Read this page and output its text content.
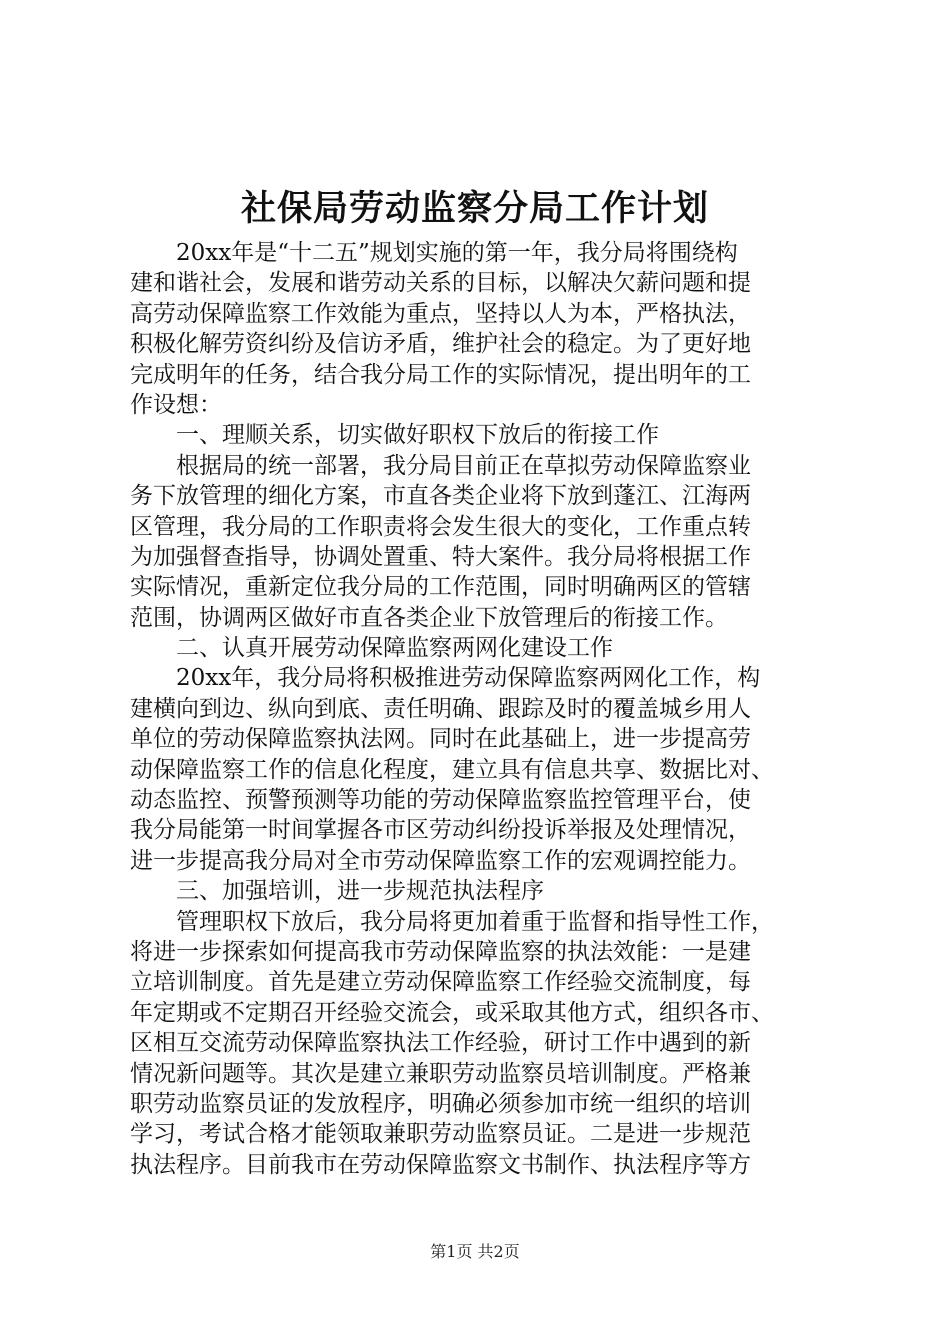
社保局劳动监察分局工作计划
20xx年是“十二五”规划实施的第一年，我分局将围绕构
建和谐社会，发展和谐劳动关系的目标，以解决欠薪问题和提
高劳动保障监察工作效能为重点，坚持以人为本，严格执法，
积极化解劳资纠纷及信访矛盾，维护社会的稳定。为了更好地
完成明年的任务，结合我分局工作的实际情况，提出明年的工
作设想：
一、理顺关系，切实做好职权下放后的衔接工作
根据局的统一部署，我分局目前正在草拟劳动保障监察业
务下放管理的细化方案，市直各类企业将下放到蓬江、江海两
区管理，我分局的工作职责将会发生很大的变化，工作重点转
为加强督查指导，协调处置重、特大案件。我分局将根据工作
实际情况，重新定位我分局的工作范围，同时明确两区的管辖
范围，协调两区做好市直各类企业下放管理后的衔接工作。
二、认真开展劳动保障监察两网化建设工作
20xx年，我分局将积极推进劳动保障监察两网化工作，构
建横向到边、纵向到底、责任明确、跟踪及时的覆盖城乡用人
单位的劳动保障监察执法网。同时在此基础上，进一步提高劳
动保障监察工作的信息化程度，建立具有信息共享、数据比对、
动态监控、预警预测等功能的劳动保障监察监控管理平台，使
我分局能第一时间掌握各市区劳动纠纷投诉举报及处理情况，
进一步提高我分局对全市劳动保障监察工作的宏观调控能力。
三、加强培训，进一步规范执法程序
管理职权下放后，我分局将更加着重于监督和指导性工作，
将进一步探索如何提高我市劳动保障监察的执法效能：一是建
立培训制度。首先是建立劳动保障监察工作经验交流制度，每
年定期或不定期召开经验交流会，或采取其他方式，组织各市、
区相互交流劳动保障监察执法工作经验，研讨工作中遇到的新
情况新问题等。其次是建立兼职劳动监察员培训制度。严格兼
职劳动监察员证的发放程序，明确必须参加市统一组织的培训
学习，考试合格才能领取兼职劳动监察员证。二是进一步规范
执法程序。目前我市在劳动保障监察文书制作、执法程序等方
第1页 共2页
